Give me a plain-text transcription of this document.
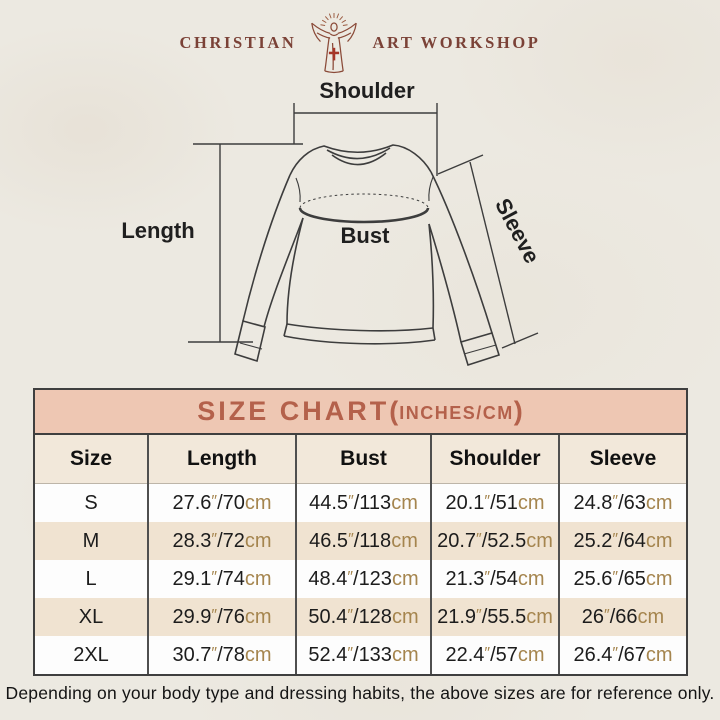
CHRISTIAN	ART WORKSHOP
Shoulder
Length	Bust	Sleeve
SIZE CHART ( INCHES/CM )
Size	Length	Bust	Shoulder	Sleeve
S	27.6″/70cm	44.5″/113cm	20.1″/51cm	24.8″/63cm
M	28.3″/72cm	46.5″/118cm	20.7″/52.5cm	25.2″/64cm
L	29.1″/74cm	48.4″/123cm	21.3″/54cm	25.6″/65cm
XL	29.9″/76cm	50.4″/128cm	21.9″/55.5cm	26″/66cm
2XL	30.7″/78cm	52.4″/133cm	22.4″/57cm	26.4″/67cm
Depending on your body type and dressing habits, the above sizes are for reference only.
